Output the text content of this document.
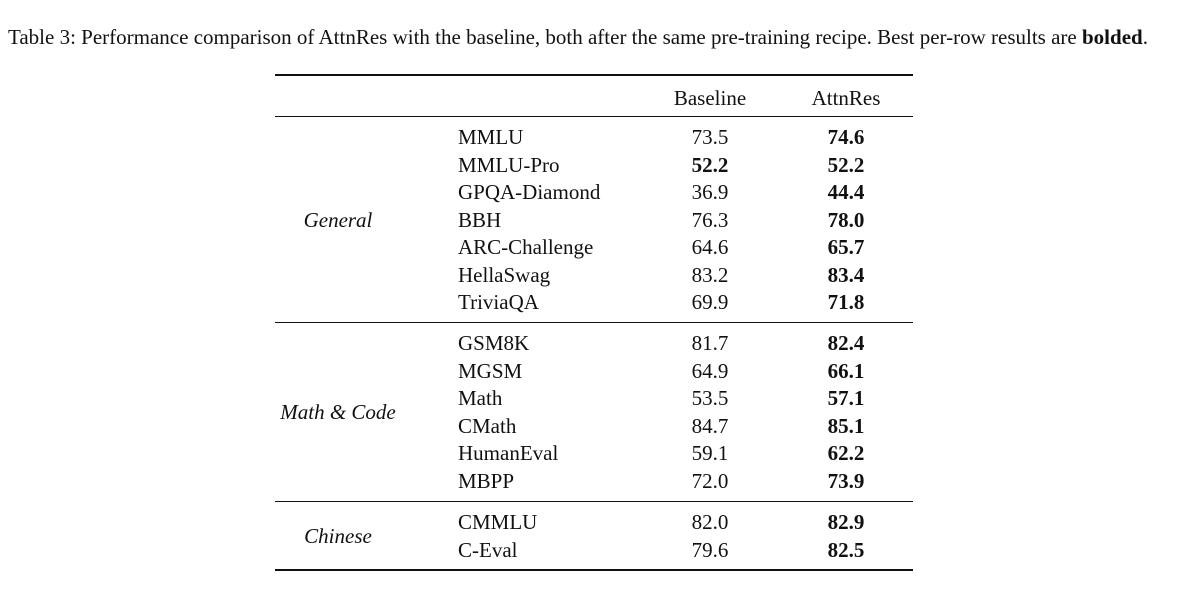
Table 3: Performance comparison of AttnRes with the baseline, both after the same pre-training recipe. Best per-row results are bolded.
Baseline	AttnRes
MMLU	73.5	74.6
MMLU-Pro	52.2	52.2
GPQA-Diamond	36.9	44.4
BBH	76.3	78.0
ARC-Challenge	64.6	65.7
HellaSwag	83.2	83.4
TriviaQA	69.9	71.8
General
GSM8K	81.7	82.4
MGSM	64.9	66.1
Math	53.5	57.1
CMath	84.7	85.1
HumanEval	59.1	62.2
MBPP	72.0	73.9
Math & Code
CMMLU	82.0	82.9
C-Eval	79.6	82.5
Chinese
